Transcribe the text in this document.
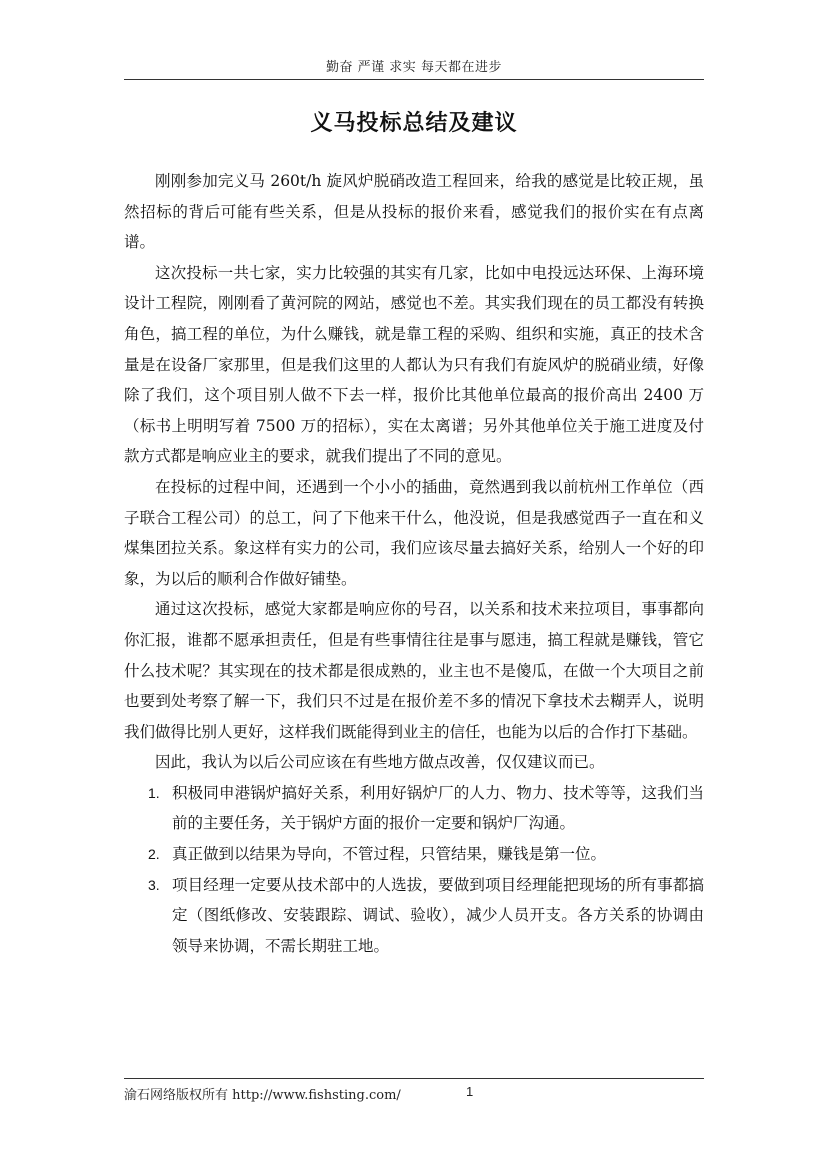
勤奋 严谨 求实 每天都在进步
义马投标总结及建议

刚刚参加完义马 260t/h 旋风炉脱硝改造工程回来，给我的感觉是比较正规，虽然招标的背后可能有些关系，但是从投标的报价来看，感觉我们的报价实在有点离谱。

这次投标一共七家，实力比较强的其实有几家，比如中电投远达环保、上海环境设计工程院，刚刚看了黄河院的网站，感觉也不差。其实我们现在的员工都没有转换角色，搞工程的单位，为什么赚钱，就是靠工程的采购、组织和实施，真正的技术含量是在设备厂家那里，但是我们这里的人都认为只有我们有旋风炉的脱硝业绩，好像除了我们，这个项目别人做不下去一样，报价比其他单位最高的报价高出 2400 万（标书上明明写着 7500 万的招标），实在太离谱；另外其他单位关于施工进度及付款方式都是响应业主的要求，就我们提出了不同的意见。

在投标的过程中间，还遇到一个小小的插曲，竟然遇到我以前杭州工作单位（西子联合工程公司）的总工，问了下他来干什么，他没说，但是我感觉西子一直在和义煤集团拉关系。象这样有实力的公司，我们应该尽量去搞好关系，给别人一个好的印象，为以后的顺利合作做好铺垫。

通过这次投标，感觉大家都是响应你的号召，以关系和技术来拉项目，事事都向你汇报，谁都不愿承担责任，但是有些事情往往是事与愿违，搞工程就是赚钱，管它什么技术呢？其实现在的技术都是很成熟的，业主也不是傻瓜，在做一个大项目之前也要到处考察了解一下，我们只不过是在报价差不多的情况下拿技术去糊弄人，说明我们做得比别人更好，这样我们既能得到业主的信任，也能为以后的合作打下基础。

因此，我认为以后公司应该在有些地方做点改善，仅仅建议而已。

1. 积极同申港锅炉搞好关系，利用好锅炉厂的人力、物力、技术等等，这我们当前的主要任务，关于锅炉方面的报价一定要和锅炉厂沟通。
2. 真正做到以结果为导向，不管过程，只管结果，赚钱是第一位。
3. 项目经理一定要从技术部中的人选拔，要做到项目经理能把现场的所有事都搞定（图纸修改、安装跟踪、调试、验收），减少人员开支。各方关系的协调由领导来协调，不需长期驻工地。
渝石网络版权所有 http://www.fishsting.com/	1
